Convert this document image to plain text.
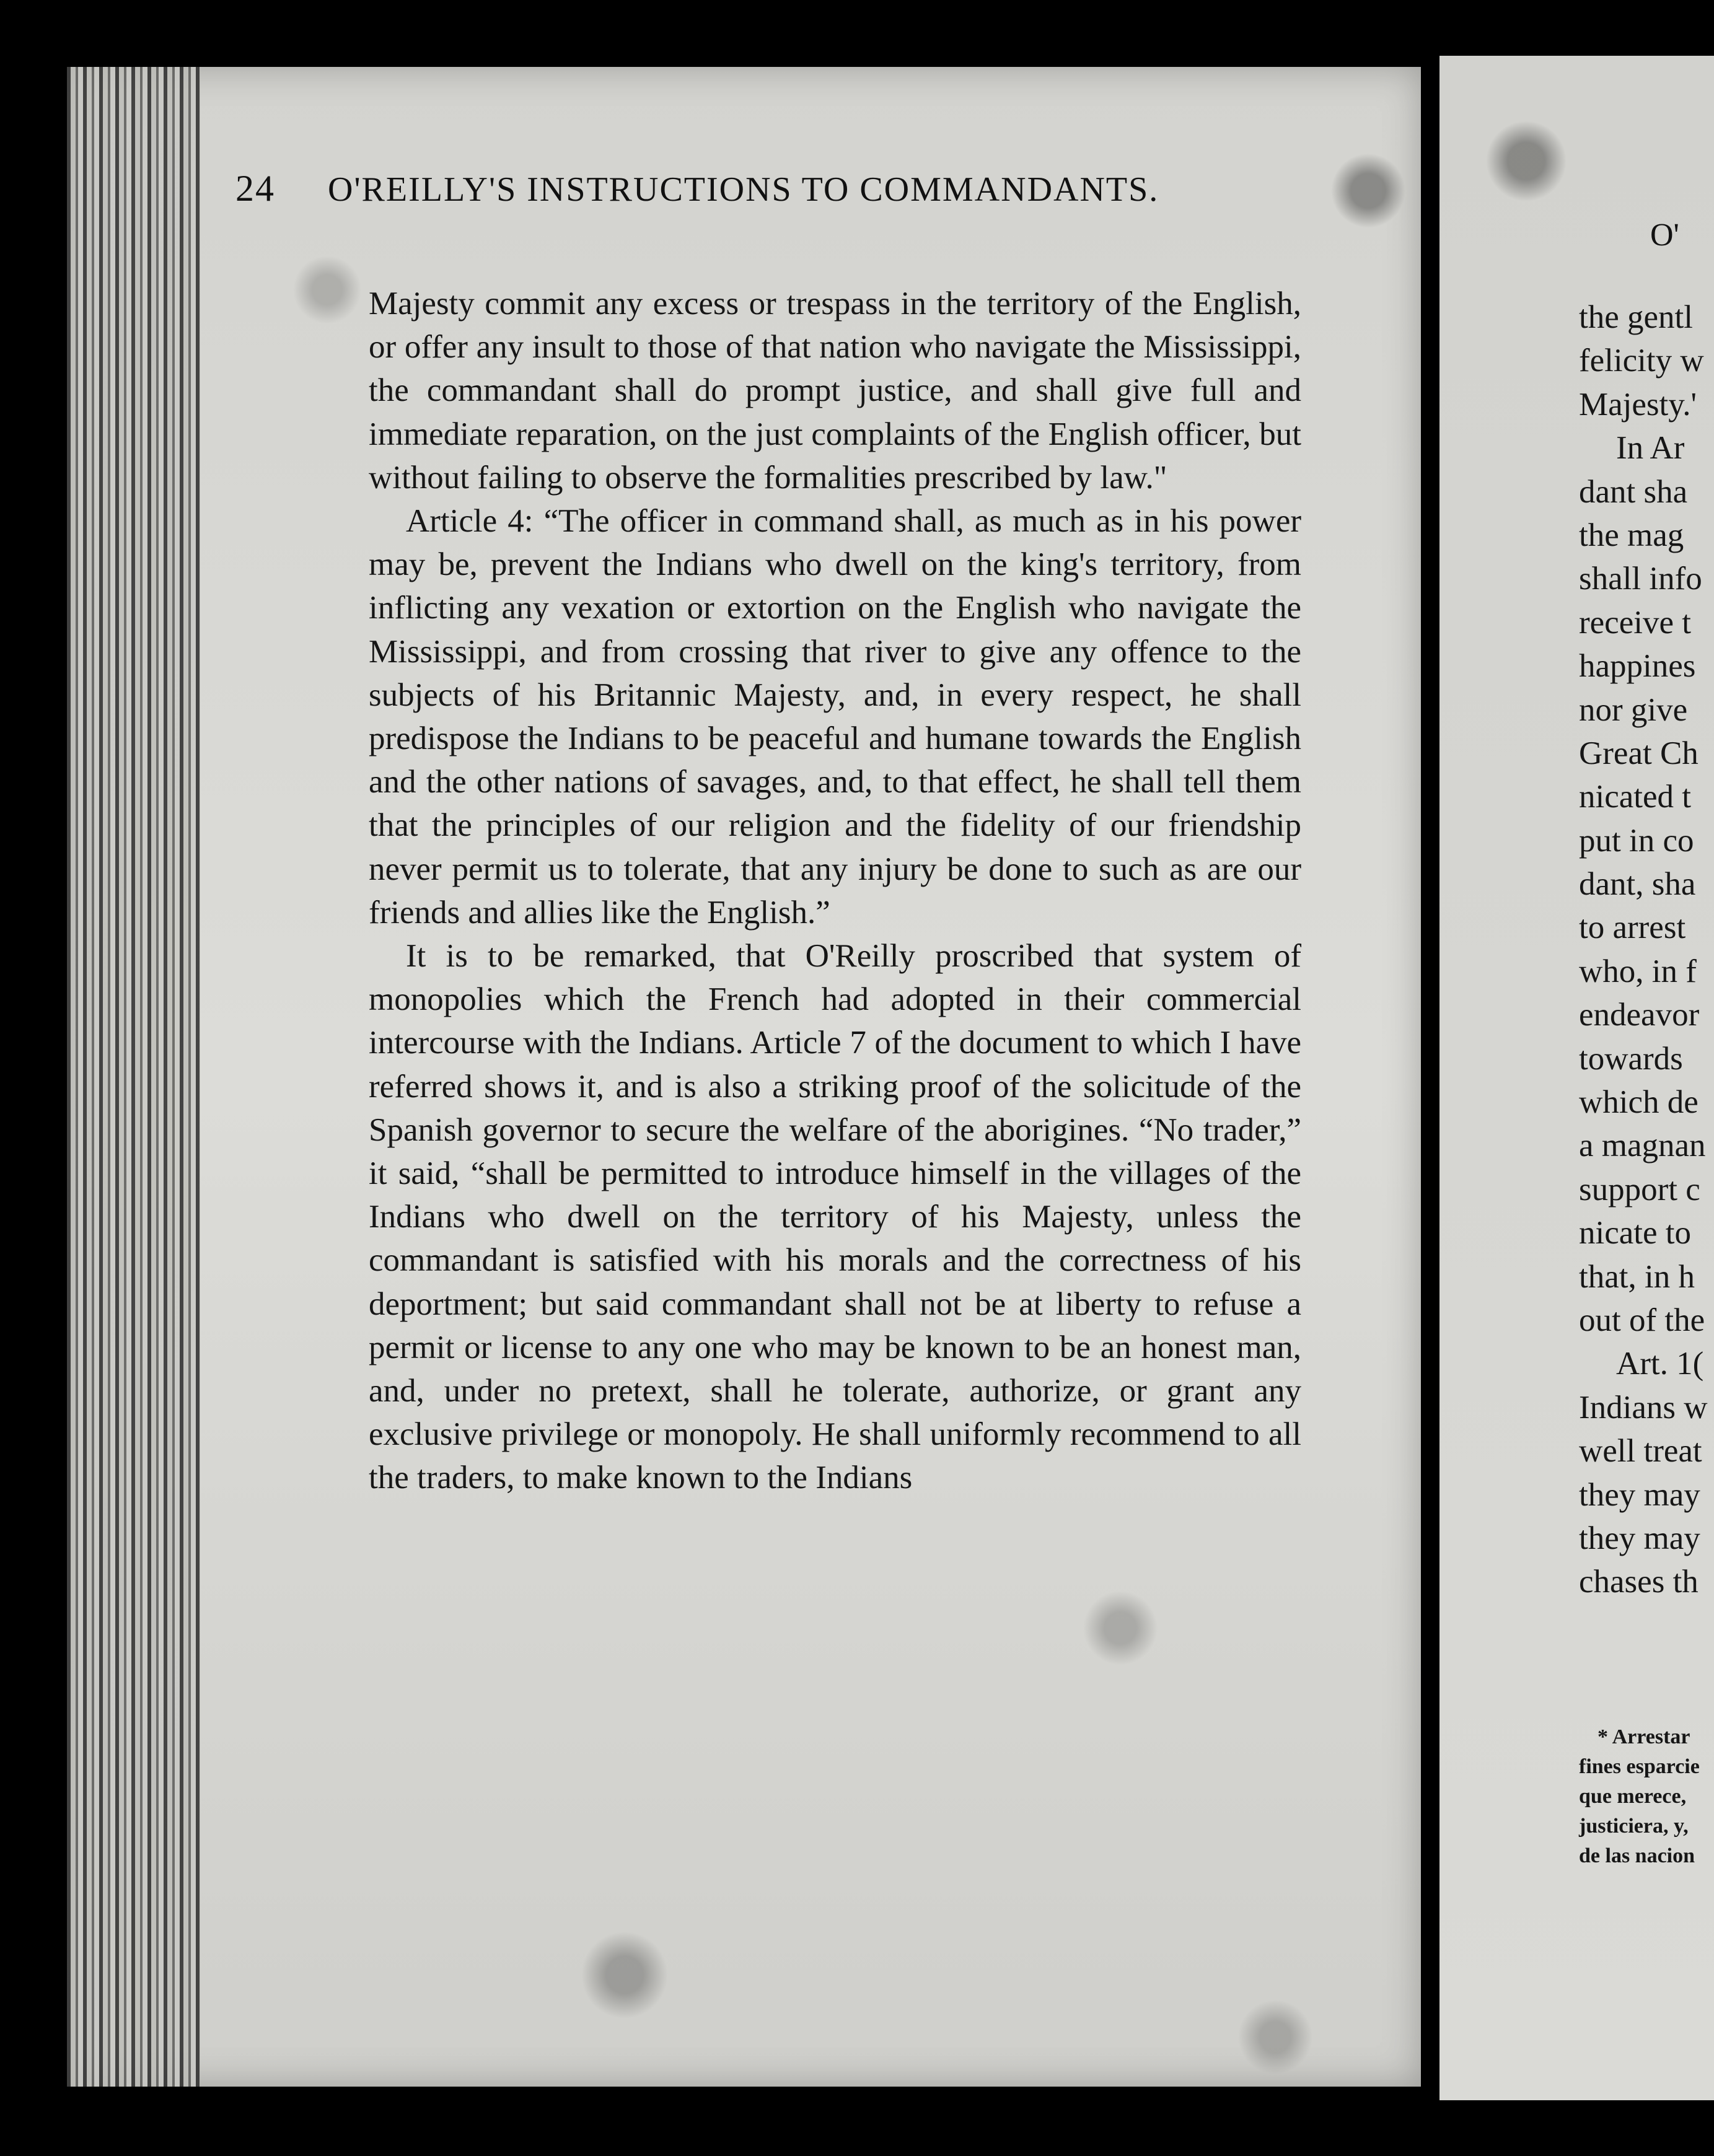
24 O'REILLY'S INSTRUCTIONS TO COMMANDANTS.

Majesty commit any excess or trespass in the territory of the English, or offer any insult to those of that nation who navigate the Mississippi, the commandant shall do prompt justice, and shall give full and immediate reparation, on the just complaints of the English officer, but without failing to observe the formalities prescribed by law."

Article 4: “The officer in command shall, as much as in his power may be, prevent the Indians who dwell on the king's territory, from inflicting any vexation or extortion on the English who navigate the Mississippi, and from crossing that river to give any offence to the subjects of his Britannic Majesty, and, in every respect, he shall predispose the Indians to be peaceful and humane towards the English and the other nations of savages, and, to that effect, he shall tell them that the principles of our religion and the fidelity of our friendship never permit us to tolerate, that any injury be done to such as are our friends and allies like the English.”

It is to be remarked, that O'Reilly proscribed that system of monopolies which the French had adopted in their commercial intercourse with the Indians. Article 7 of the document to which I have referred shows it, and is also a striking proof of the solicitude of the Spanish governor to secure the welfare of the aborigines. “No trader,” it said, “shall be permitted to introduce himself in the villages of the Indians who dwell on the territory of his Majesty, unless the commandant is satisfied with his morals and the correctness of his deportment; but said commandant shall not be at liberty to refuse a permit or license to any one who may be known to be an honest man, and, under no pretext, shall he tolerate, authorize, or grant any exclusive privilege or monopoly. He shall uniformly recommend to all the traders, to make known to the Indians

O'
the gentl
felicity w
Majesty.'
In Ar
dant sha
the mag
shall info
receive t
happines
nor give
Great Ch
nicated t
put in co
dant, sha
to arrest
who, in f
endeavor
towards
which de
a magnan
support c
nicate to
that, in h
out of the
Art. 1(
Indians w
well treat
they may
they may
chases th
* Arrestar
fines esparcie
que merece,
justiciera, y,
de las nacion
